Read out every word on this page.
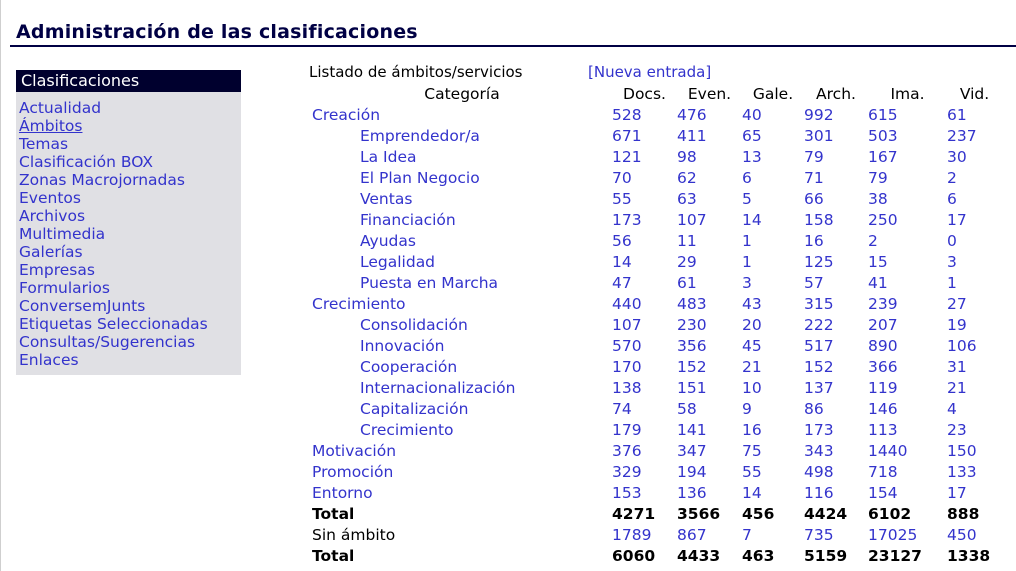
Administración de las clasificaciones
Clasificaciones
Actualidad
Ámbitos
Temas
Clasificación BOX
Zonas Macrojornadas
Eventos
Archivos
Multimedia
Galerías
Empresas
Formularios
ConversemJunts
Etiquetas Seleccionadas
Consultas/Sugerencias
Enlaces
Listado de ámbitos/servicios	[Nueva entrada]
Categoría	Docs.	Even.	Gale.	Arch.	Ima.	Vid.
Creación	528	476	40	992	615	61
Emprendedor/a	671	411	65	301	503	237
La Idea	121	98	13	79	167	30
El Plan Negocio	70	62	6	71	79	2
Ventas	55	63	5	66	38	6
Financiación	173	107	14	158	250	17
Ayudas	56	11	1	16	2	0
Legalidad	14	29	1	125	15	3
Puesta en Marcha	47	61	3	57	41	1
Crecimiento	440	483	43	315	239	27
Consolidación	107	230	20	222	207	19
Innovación	570	356	45	517	890	106
Cooperación	170	152	21	152	366	31
Internacionalización	138	151	10	137	119	21
Capitalización	74	58	9	86	146	4
Crecimiento	179	141	16	173	113	23
Motivación	376	347	75	343	1440	150
Promoción	329	194	55	498	718	133
Entorno	153	136	14	116	154	17
Total	4271	3566	456	4424	6102	888
Sin ámbito	1789	867	7	735	17025	450
Total	6060	4433	463	5159	23127	1338
